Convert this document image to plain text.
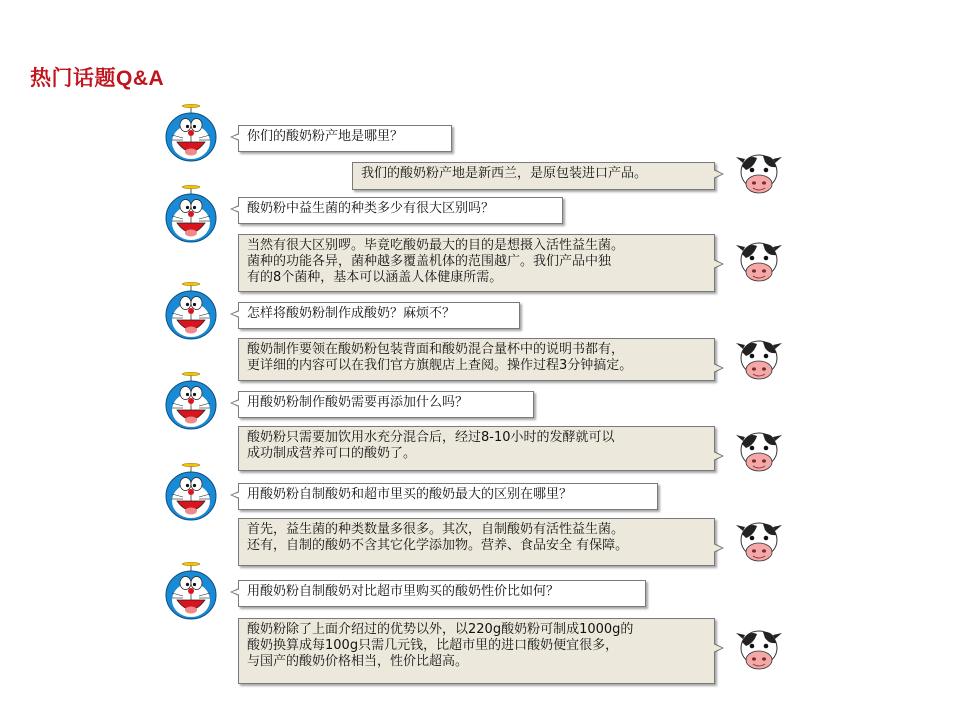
热门话题Q&A
你们的酸奶粉产地是哪里？
我们的酸奶粉产地是新西兰，是原包装进口产品。
酸奶粉中益生菌的种类多少有很大区别吗？
当然有很大区别啰。毕竟吃酸奶最大的目的是想摄入活性益生菌。
菌种的功能各异，菌种越多覆盖机体的范围越广。我们产品中独
有的8个菌种，基本可以涵盖人体健康所需。
怎样将酸奶粉制作成酸奶？麻烦不？
酸奶制作要领在酸奶粉包装背面和酸奶混合量杯中的说明书都有，
更详细的内容可以在我们官方旗舰店上查阅。操作过程3分钟搞定。
用酸奶粉制作酸奶需要再添加什么吗？
酸奶粉只需要加饮用水充分混合后，经过8-10小时的发酵就可以
成功制成营养可口的酸奶了。
用酸奶粉自制酸奶和超市里买的酸奶最大的区别在哪里？
首先，益生菌的种类数量多很多。其次，自制酸奶有活性益生菌。
还有，自制的酸奶不含其它化学添加物。营养、食品安全 有保障。
用酸奶粉自制酸奶对比超市里购买的酸奶性价比如何？
酸奶粉除了上面介绍过的优势以外，以220g酸奶粉可制成1000g的
酸奶换算成每100g只需几元钱，比超市里的进口酸奶便宜很多，
与国产的酸奶价格相当，性价比超高。
